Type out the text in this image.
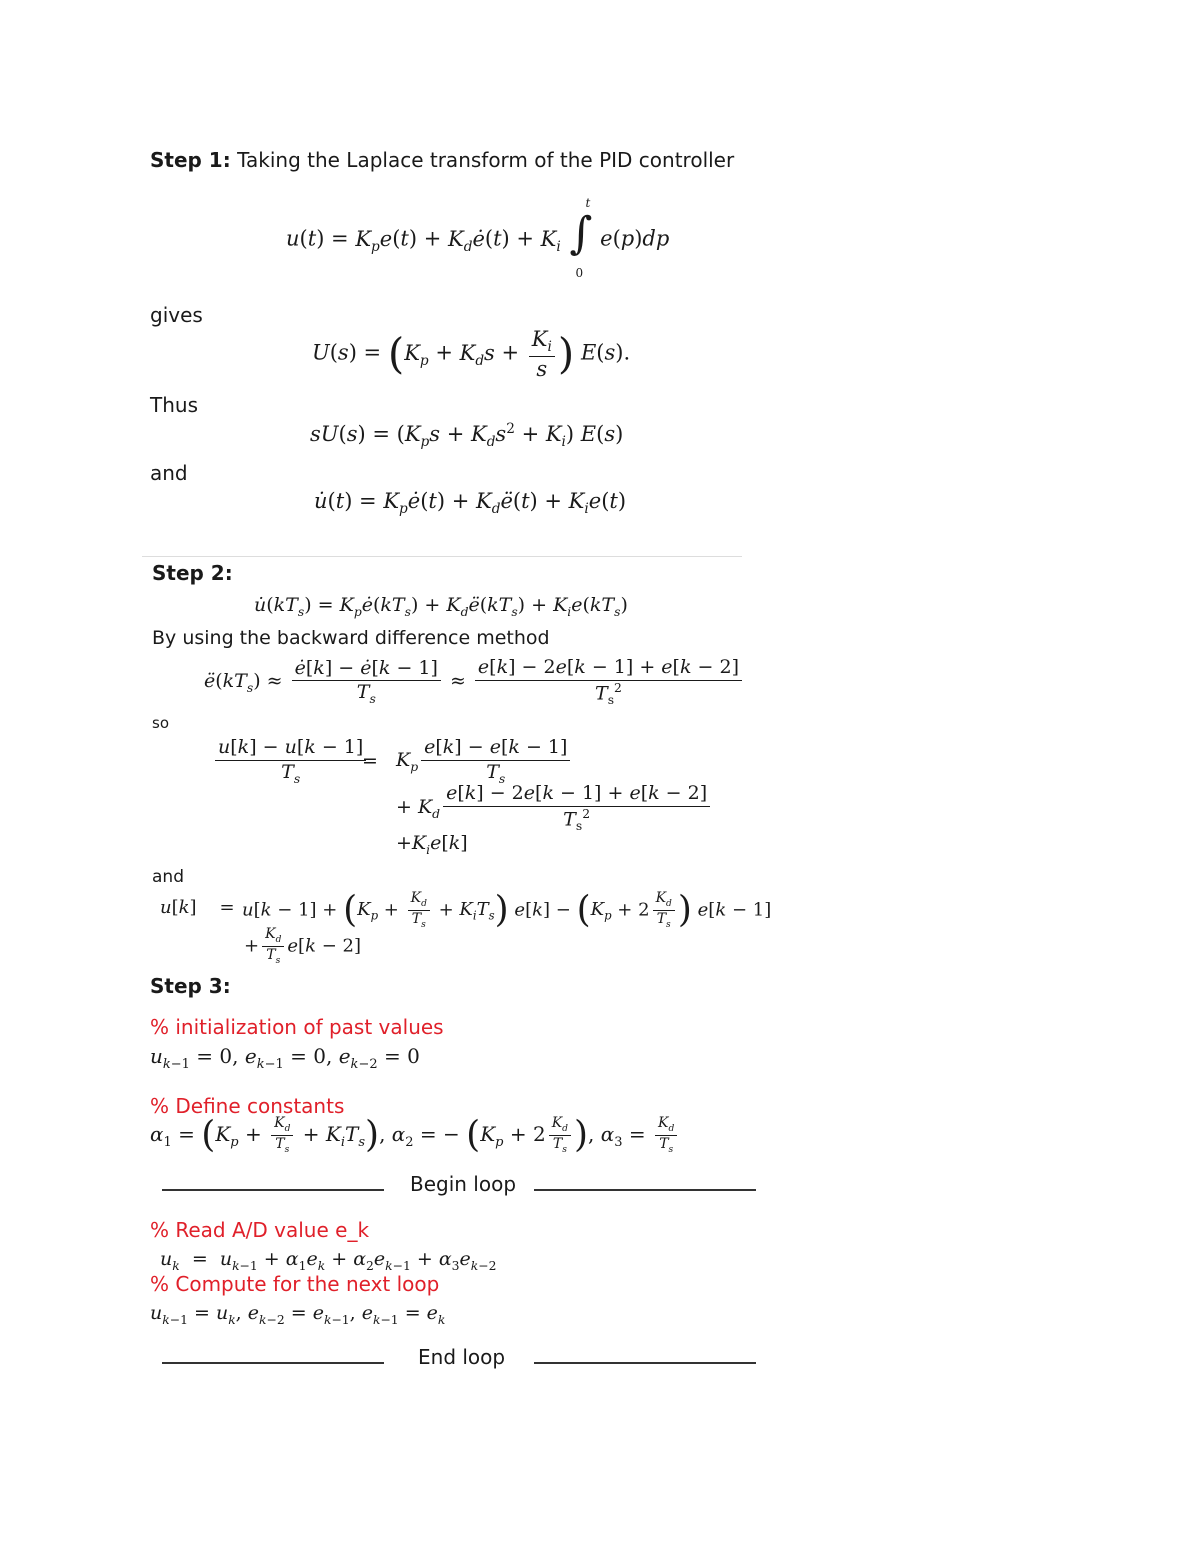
Step 1: Taking the Laplace transform of the PID controller
$u(t) = K_pe(t)$ + $K_dė(t) + K_i$ ∫
t
0
e(p)dp
gives
$U(s) = (K_p + K_ds + \frac{K_i}{s}$ ) E(s).
Thus
$sU(s) = (K_ps + K_ds^2 + K_i)$ E(s)
and
u̇(t) = $K_pė(t)$ + $K_dë(t) + K_ie(t)$
Step 2:
$u̇(kT_s)$ = $K_pė(kT_s)$ + $K_dë(kT_s) + K_ie(kT_s)$
By using the backward difference method
$ë(kT_s) \approx \frac{ė[k] - ė[k - 1]}{T_s} \approx \frac{e[k] - 2e[k - 1] + e[k - 2]}{T_s^2}$
so
$\frac{u[k] - u[k - 1]}{T_s}$
= $K_p \frac{e[k] - e[k - 1]}{T_s}$
+ $K_d \frac{e[k] - 2e[k - 1] + e[k - 2]}{T_s^2}$
$+K_ie[k]$
and
u[k]    = $u[k - 1] + (K_p + \frac{K_d}{T_s} + K_iT_s) e[k] - (K_p + 2 \frac{K_d}{T_s}$ ) e[k − 1]
+ $\frac{K_d}{T_s} e[k - 2]$
Step 3:
% initialization of past values
$u_{k-1} = 0$, $e_{k-1} = 0$, $e_{k-2} = 0$
% Define constants
$\alpha_1 = (K_p + \frac{K_d}{T_s} + K_iT_s)$, $\alpha_2$ = − ($K_p + 2 \frac{K_d}{T_s}$ ), $\alpha_3 = \frac{K_d}{T_s}$
Begin loop
% Read A/D value e_k
$u_k = u_{k-1} + \alpha_1e_k + \alpha_2e_{k-1} + \alpha_3e_{k-2}$
% Compute for the next loop
$u_{k-1} = u_k$, $e_{k-2} = e_{k-1}$, $e_{k-1} = e_k$
End loop
